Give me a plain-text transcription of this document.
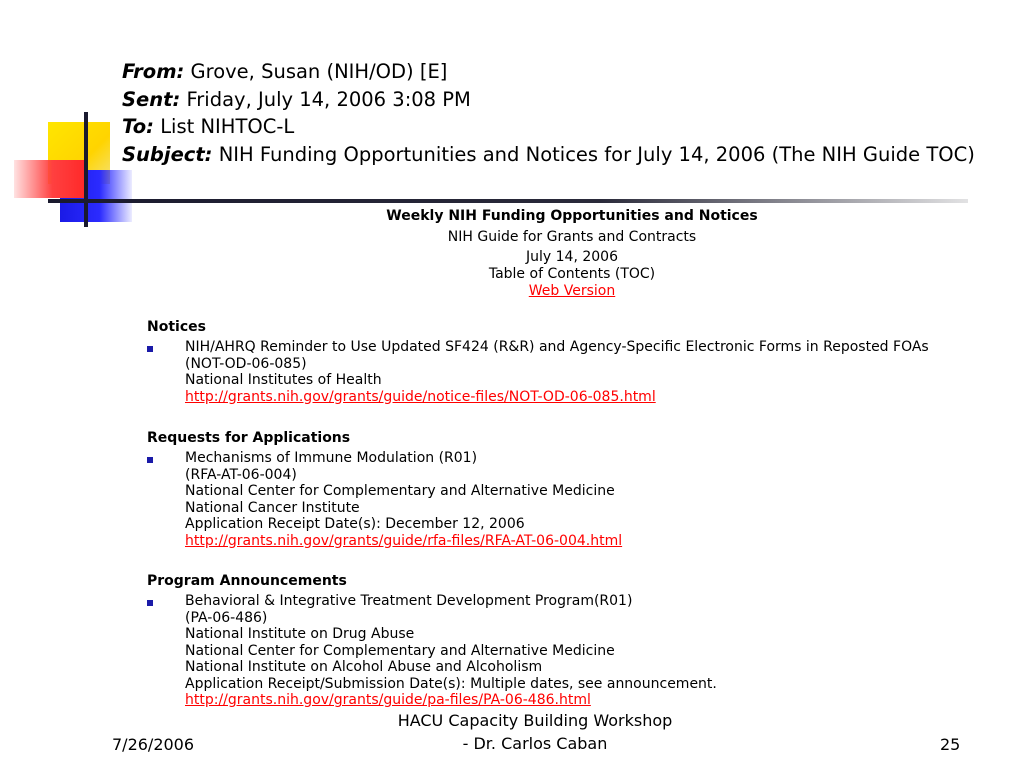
From: Grove, Susan (NIH/OD) [E]
Sent: Friday, July 14, 2006 3:08 PM
To: List NIHTOC-L
Subject: NIH Funding Opportunities and Notices for July 14, 2006 (The NIH Guide TOC)
Weekly NIH Funding Opportunities and Notices
NIH Guide for Grants and Contracts
July 14, 2006
Table of Contents (TOC)
Web Version
Notices
NIH/AHRQ Reminder to Use Updated SF424 (R&R) and Agency-Specific Electronic Forms in Reposted FOAs
(NOT-OD-06-085)
National Institutes of Health
http://grants.nih.gov/grants/guide/notice-files/NOT-OD-06-085.html
Requests for Applications
Mechanisms of Immune Modulation (R01)
(RFA-AT-06-004)
National Center for Complementary and Alternative Medicine
National Cancer Institute
Application Receipt Date(s): December 12, 2006
http://grants.nih.gov/grants/guide/rfa-files/RFA-AT-06-004.html
Program Announcements
Behavioral & Integrative Treatment Development Program(R01)
(PA-06-486)
National Institute on Drug Abuse
National Center for Complementary and Alternative Medicine
National Institute on Alcohol Abuse and Alcoholism
Application Receipt/Submission Date(s): Multiple dates, see announcement.
http://grants.nih.gov/grants/guide/pa-files/PA-06-486.html
7/26/2006
HACU Capacity Building Workshop
- Dr. Carlos Caban	25
